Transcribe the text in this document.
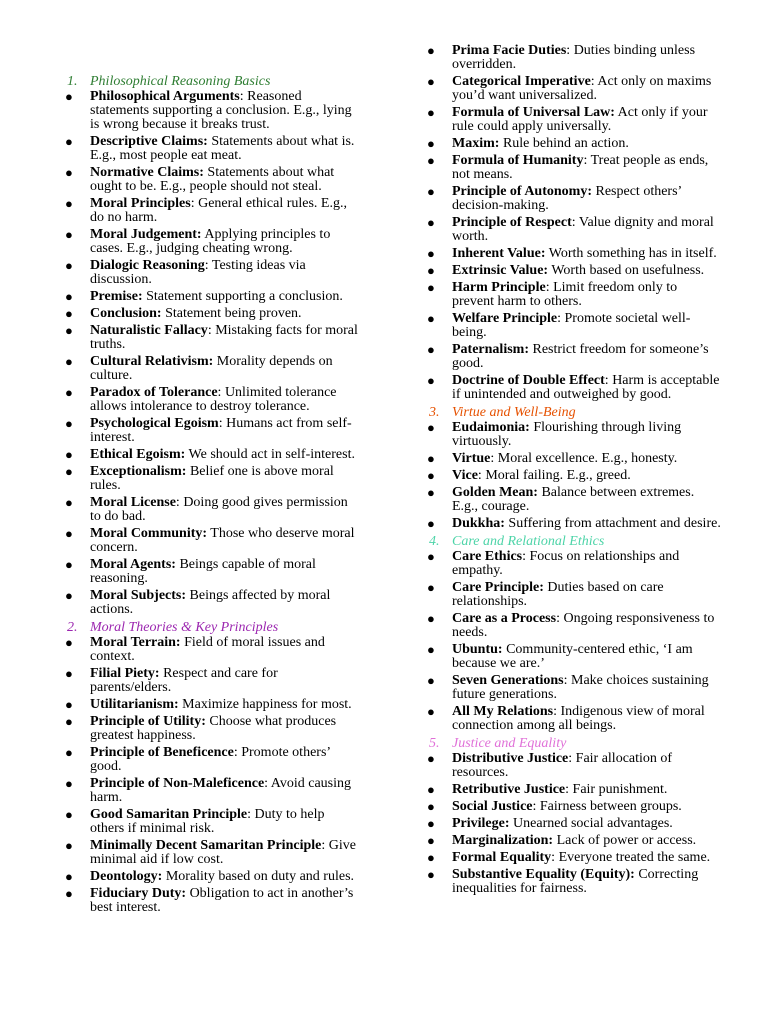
1. Philosophical Reasoning Basics
● Philosophical Arguments: Reasoned statements supporting a conclusion. E.g., lying is wrong because it breaks trust.
● Descriptive Claims: Statements about what is. E.g., most people eat meat.
● Normative Claims: Statements about what ought to be. E.g., people should not steal.
● Moral Principles: General ethical rules. E.g., do no harm.
● Moral Judgement: Applying principles to cases. E.g., judging cheating wrong.
● Dialogic Reasoning: Testing ideas via discussion.
● Premise: Statement supporting a conclusion.
● Conclusion: Statement being proven.
● Naturalistic Fallacy: Mistaking facts for moral truths.
● Cultural Relativism: Morality depends on culture.
● Paradox of Tolerance: Unlimited tolerance allows intolerance to destroy tolerance.
● Psychological Egoism: Humans act from self-interest.
● Ethical Egoism: We should act in self-interest.
● Exceptionalism: Belief one is above moral rules.
● Moral License: Doing good gives permission to do bad.
● Moral Community: Those who deserve moral concern.
● Moral Agents: Beings capable of moral reasoning.
● Moral Subjects: Beings affected by moral actions.
2. Moral Theories & Key Principles
● Moral Terrain: Field of moral issues and context.
● Filial Piety: Respect and care for parents/elders.
● Utilitarianism: Maximize happiness for most.
● Principle of Utility: Choose what produces greatest happiness.
● Principle of Beneficence: Promote others’ good.
● Principle of Non-Maleficence: Avoid causing harm.
● Good Samaritan Principle: Duty to help others if minimal risk.
● Minimally Decent Samaritan Principle: Give minimal aid if low cost.
● Deontology: Morality based on duty and rules.
● Fiduciary Duty: Obligation to act in another’s best interest.
● Prima Facie Duties: Duties binding unless overridden.
● Categorical Imperative: Act only on maxims you’d want universalized.
● Formula of Universal Law: Act only if your rule could apply universally.
● Maxim: Rule behind an action.
● Formula of Humanity: Treat people as ends, not means.
● Principle of Autonomy: Respect others’ decision-making.
● Principle of Respect: Value dignity and moral worth.
● Inherent Value: Worth something has in itself.
● Extrinsic Value: Worth based on usefulness.
● Harm Principle: Limit freedom only to prevent harm to others.
● Welfare Principle: Promote societal well-being.
● Paternalism: Restrict freedom for someone’s good.
● Doctrine of Double Effect: Harm is acceptable if unintended and outweighed by good.
3. Virtue and Well-Being
● Eudaimonia: Flourishing through living virtuously.
● Virtue: Moral excellence. E.g., honesty.
● Vice: Moral failing. E.g., greed.
● Golden Mean: Balance between extremes. E.g., courage.
● Dukkha: Suffering from attachment and desire.
4. Care and Relational Ethics
● Care Ethics: Focus on relationships and empathy.
● Care Principle: Duties based on care relationships.
● Care as a Process: Ongoing responsiveness to needs.
● Ubuntu: Community-centered ethic, ‘I am because we are.’
● Seven Generations: Make choices sustaining future generations.
● All My Relations: Indigenous view of moral connection among all beings.
5. Justice and Equality
● Distributive Justice: Fair allocation of resources.
● Retributive Justice: Fair punishment.
● Social Justice: Fairness between groups.
● Privilege: Unearned social advantages.
● Marginalization: Lack of power or access.
● Formal Equality: Everyone treated the same.
● Substantive Equality (Equity): Correcting inequalities for fairness.
